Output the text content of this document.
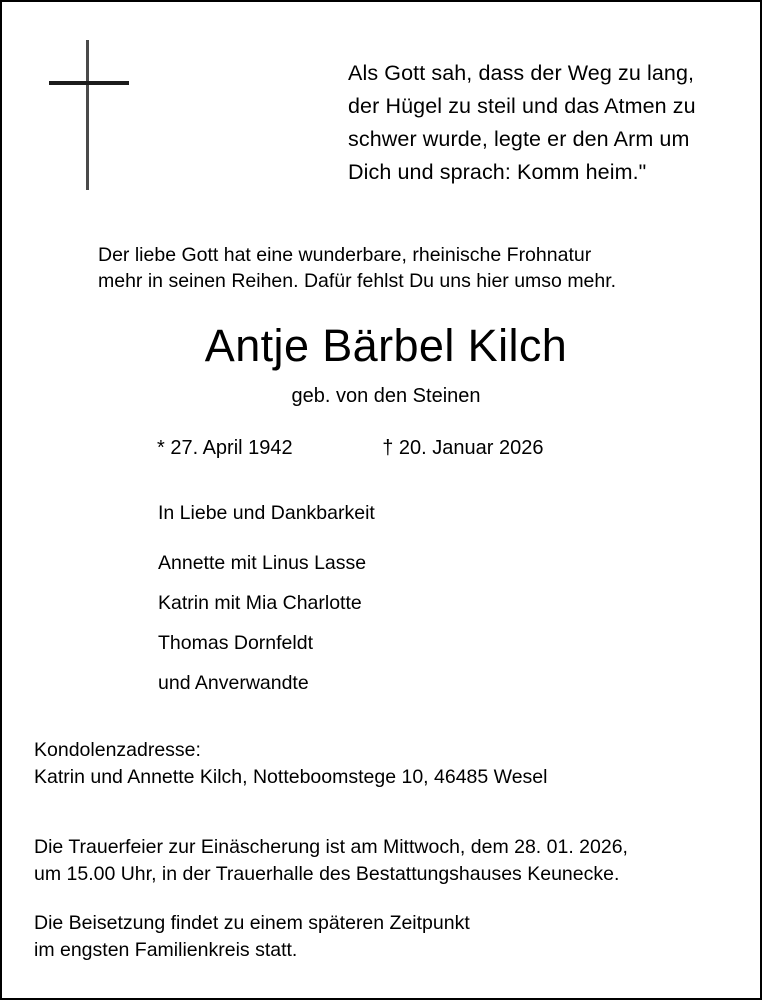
Als Gott sah, dass der Weg zu lang,
der Hügel zu steil und das Atmen zu
schwer wurde, legte er den Arm um
Dich und sprach: Komm heim."
Der liebe Gott hat eine wunderbare, rheinische Frohnatur
mehr in seinen Reihen. Dafür fehlst Du uns hier umso mehr.
Antje Bärbel Kilch
geb. von den Steinen
* 27. April 1942	† 20. Januar 2026
In Liebe und Dankbarkeit
Annette mit Linus Lasse
Katrin mit Mia Charlotte
Thomas Dornfeldt
und Anverwandte
Kondolenzadresse:
Katrin und Annette Kilch, Notteboomstege 10, 46485 Wesel
Die Trauerfeier zur Einäscherung ist am Mittwoch, dem 28. 01. 2026,
um 15.00 Uhr, in der Trauerhalle des Bestattungshauses Keunecke.
Die Beisetzung findet zu einem späteren Zeitpunkt
im engsten Familienkreis statt.
